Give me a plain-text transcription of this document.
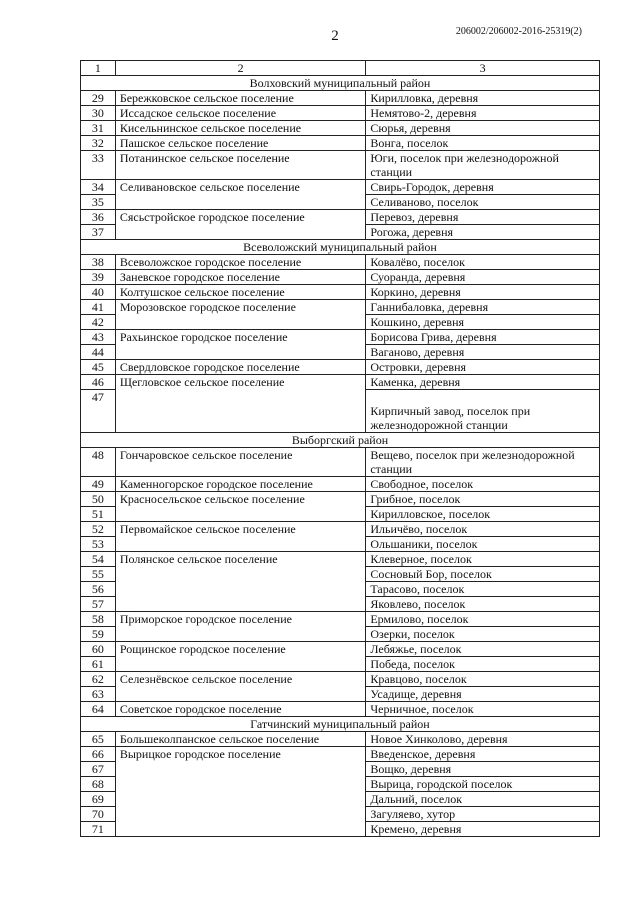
2	206002/206002-2016-25319(2)
1	2	3
Волховский муниципальный район		
29	Бережковское сельское поселение	Кирилловка, деревня
30	Иссадское сельское поселение	Немятово-2, деревня
31	Кисельнинское сельское поселение	Сюрья, деревня
32	Пашское сельское поселение	Вонга, поселок
33	Потанинское сельское поселение	Юги, поселок при железнодорожной станции
34	Селивановское сельское поселение	Свирь-Городок, деревня
35		Селиваново, поселок
36	Сясьстройское городское поселение	Перевоз, деревня
37		Рогожа, деревня
Всеволожский муниципальный район		
38	Всеволожское городское поселение	Ковалёво, поселок
39	Заневское городское поселение	Суоранда, деревня
40	Колтушское сельское поселение	Коркино, деревня
41	Морозовское городское поселение	Ганнибаловка, деревня
42		Кошкино, деревня
43	Рахьинское городское поселение	Борисова Грива, деревня
44		Ваганово, деревня
45	Свердловское городское поселение	Островки, деревня
46	Щегловское сельское поселение	Каменка, деревня
47		Кирпичный завод, поселок при железнодорожной станции

Выборгский район		
48	Гончаровское сельское поселение	Вещево, поселок при железнодорожной станции
49	Каменногорское городское поселение	Свободное, поселок
50	Красносельское сельское поселение	Грибное, поселок
51		Кирилловское, поселок
52	Первомайское сельское поселение	Ильичёво, поселок
53		Ольшаники, поселок
54	Полянское сельское поселение	Клеверное, поселок
55		Сосновый Бор, поселок
56		Тарасово, поселок
57		Яковлево, поселок
58	Приморское городское поселение	Ермилово, поселок
59		Озерки, поселок
60	Рощинское городское поселение	Лебяжье, поселок
61		Победа, поселок
62	Селезнёвское сельское поселение	Кравцово, поселок
63		Усадище, деревня
64	Советское городское поселение	Черничное, поселок
Гатчинский муниципальный район		
65	Большеколпанское сельское поселение	Новое Хинколово, деревня
66	Вырицкое городское поселение	Введенское, деревня
67		Вощко, деревня
68		Вырица, городской поселок
69		Дальний, поселок
70		Загуляево, хутор
71		Кремено, деревня
